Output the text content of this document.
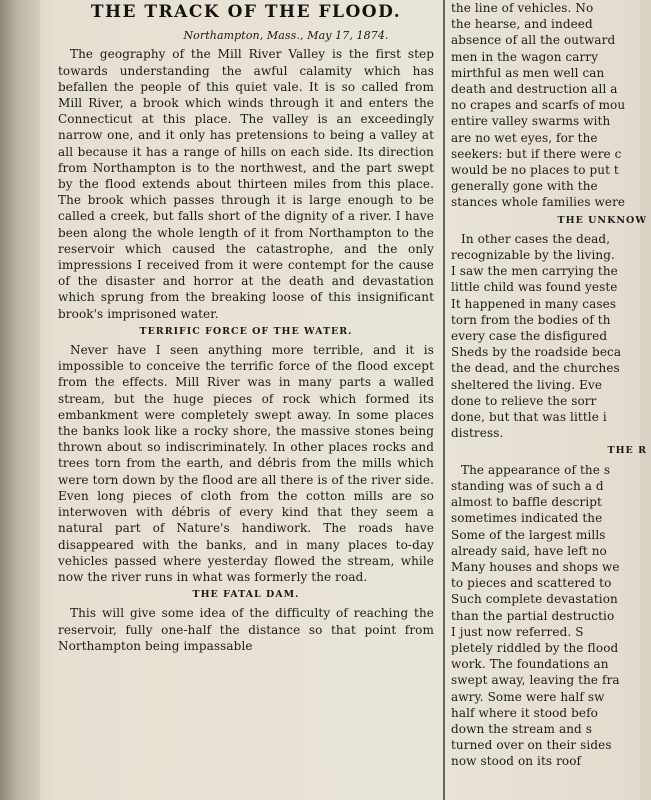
THE TRACK OF THE FLOOD.
Northampton, Mass., May 17, 1874.

The geography of the Mill River Valley is the first step towards understanding the awful calamity which has befallen the people of this quiet vale. It is so called from Mill River, a brook which winds through it and enters the Connecticut at this place. The valley is an exceedingly narrow one, and it only has pretensions to being a valley at all because it has a range of hills on each side. Its direction from Northampton is to the northwest, and the part swept by the flood extends about thirteen miles from this place. The brook which passes through it is large enough to be called a creek, but falls short of the dignity of a river. I have been along the whole length of it from Northampton to the reservoir which caused the catastrophe, and the only impressions I received from it were contempt for the cause of the disaster and horror at the death and devastation which sprung from the breaking loose of this insignificant brook's imprisoned water.

TERRIFIC FORCE OF THE WATER.

Never have I seen anything more terrible, and it is impossible to conceive the terrific force of the flood except from the effects. Mill River was in many parts a walled stream, but the huge pieces of rock which formed its embankment were completely swept away. In some places the banks look like a rocky shore, the massive stones being thrown about so indiscriminately. In other places rocks and trees torn from the earth, and débris from the mills which were torn down by the flood are all there is of the river side. Even long pieces of cloth from the cotton mills are so interwoven with débris of every kind that they seem a natural part of Nature's handiwork. The roads have disappeared with the banks, and in many places to-day vehicles passed where yesterday flowed the stream, while now the river runs in what was formerly the road.

THE FATAL DAM.

This will give some idea of the difficulty of reaching the reservoir, fully one-half the distance so that point from Northampton being impassable

the line of vehicles. No
the hearse, and indeed
absence of all the outward
men in the wagon carry
mirthful as men well can
death and destruction all a
no crapes and scarfs of mou
entire valley swarms with
are no wet eyes, for the
seekers: but if there were c
would be no places to put t
generally gone with the
stances whole families were
THE UNKNOW
In other cases the dead,
recognizable by the living.
I saw the men carrying the
little child was found yeste
It happened in many cases
torn from the bodies of th
every case the disfigured
Sheds by the roadside beca
the dead, and the churches
sheltered the living. Eve
done to relieve the sorr
done, but that was little i
distress.
THE R
The appearance of the s
standing was of such a d
almost to baffle descript
sometimes indicated the
Some of the largest mills
already said, have left no
Many houses and shops we
to pieces and scattered to
Such complete devastation
than the partial destructio
I just now referred. S
pletely riddled by the flood
work. The foundations an
swept away, leaving the fra
awry. Some were half sw
half where it stood befo
down the stream and s
turned over on their sides
now stood on its roof
